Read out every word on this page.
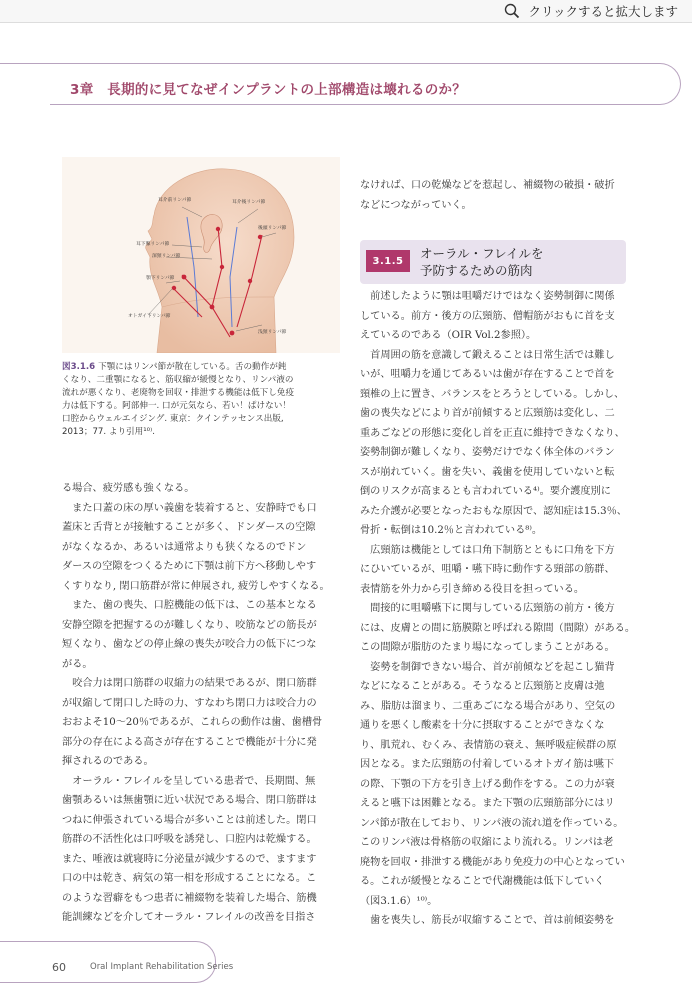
クリックすると拡大します
3章　長期的に見てなぜインプラントの上部構造は壊れるのか？
耳介前リンパ節	耳介後リンパ節
後頭リンパ節
耳下腺リンパ節
顎下リンパ節
オトガイ下リンパ節
浅頸リンパ節
深頸リンパ節
図3.1.6 下顎にはリンパ節が散在している。舌の動作が鈍
くなり、二重顎になると、筋収縮が緩慢となり、リンパ液の
流れが悪くなり、老廃物を回収・排泄する機能は低下し免疫
力は低下する。阿部伸一. 口が元気なら、若い！ぱけない！
口腔からウェルエイジング. 東京：クインテッセンス出版,
2013；77. より引用¹⁰⁾.
なければ、口の乾燥などを惹起し、補綴物の破損・破折
などにつながっていく。
3.1.5	オーラル・フレイルを
予防するための筋肉
　前述したように顎は咀嚼だけではなく姿勢制御に関係
している。前方・後方の広頸筋、僧帽筋がおもに首を支
えているのである（OIR Vol.2参照）。
　首周囲の筋を意識して鍛えることは日常生活では難し
いが、咀嚼力を通じてあるいは歯が存在することで首を
頸椎の上に置き、バランスをとろうとしている。しかし、
歯の喪失などにより首が前傾すると広頸筋は変化し、二
重あごなどの形態に変化し首を正直に維持できなくなり、
姿勢制御が難しくなり、姿勢だけでなく体全体のバラン
スが崩れていく。歯を失い、義歯を使用していないと転
倒のリスクが高まるとも言われている⁴⁾。要介護度別に
みた介護が必要となったおもな原因で、認知症は15.3％、
骨折・転倒は10.2％と言われている⁸⁾。
　広頸筋は機能としては口角下制筋とともに口角を下方
にひいているが、咀嚼・嚥下時に動作する頸部の筋群、
表情筋を外力から引き締める役目を担っている。
　間接的に咀嚼嚥下に関与している広頸筋の前方・後方
には、皮膚との間に筋膜隙と呼ばれる隙間（間隙）がある。
この間隙が脂肪のたまり場になってしまうことがある。
　姿勢を制御できない場合、首が前傾などを起こし猫背
などになることがある。そうなると広頸筋と皮膚は弛
み、脂肪は溜まり、二重あごになる場合があり、空気の
通りを悪くし酸素を十分に摂取することができなくな
り、肌荒れ、むくみ、表情筋の衰え、無呼吸症候群の原
因となる。また広頸筋の付着しているオトガイ筋は嚥下
の際、下顎の下方を引き上げる動作をする。この力が衰
えると嚥下は困難となる。また下顎の広頸筋部分にはリ
ンパ節が散在しており、リンパ液の流れ道を作っている。
このリンパ液は骨格筋の収縮により流れる。リンパは老
廃物を回収・排泄する機能があり免疫力の中心となってい
る。これが緩慢となることで代謝機能は低下していく
（図3.1.6）¹⁰⁾。
　歯を喪失し、筋長が収縮することで、首は前傾姿勢を
る場合、疲労感も強くなる。
　また口蓋の床の厚い義歯を装着すると、安静時でも口
蓋床と舌背とが接触することが多く、ドンダースの空隙
がなくなるか、あるいは通常よりも狭くなるのでドン
ダースの空隙をつくるために下顎は前下方へ移動しやす
くすりなり, 閉口筋群が常に伸展され, 疲労しやすくなる。
　また、歯の喪失、口腔機能の低下は、この基本となる
安静空隙を把握するのが難しくなり、咬筋などの筋長が
短くなり、歯などの停止線の喪失が咬合力の低下につな
がる。
　咬合力は閉口筋群の収縮力の結果であるが、閉口筋群
が収縮して閉口した時の力、すなわち閉口力は咬合力の
おおよそ10～20％であるが、これらの動作は歯、歯槽骨
部分の存在による高さが存在することで機能が十分に発
揮されるのである。
　オーラル・フレイルを呈している患者で、長期間、無
歯顎あるいは無歯顎に近い状況である場合、閉口筋群は
つねに伸張されている場合が多いことは前述した。閉口
筋群の不活性化は口呼吸を誘発し、口腔内は乾燥する。
また、唾液は就寝時に分泌量が減少するので、ますます
口の中は乾き、病気の第一相を形成することになる。こ
のような習癖をもつ患者に補綴物を装着した場合、筋機
能訓練などを介してオーラル・フレイルの改善を目指さ
60	Oral Implant Rehabilitation Series
